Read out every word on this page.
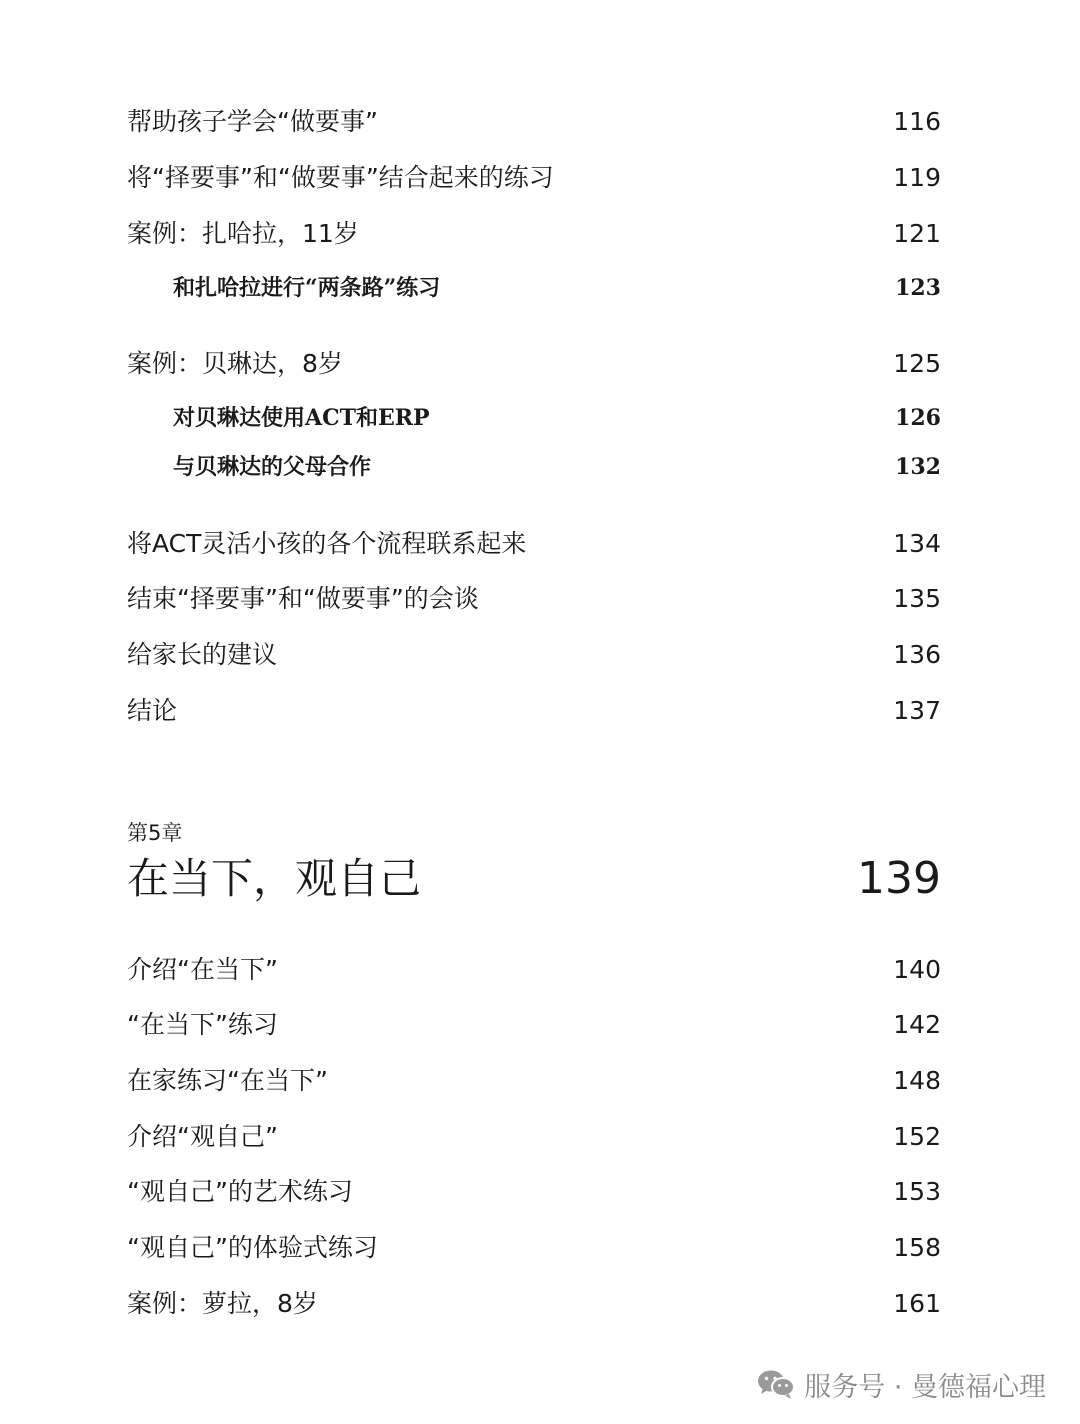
帮助孩子学会“做要事”	116
将“择要事”和“做要事”结合起来的练习	119
案例：扎哈拉，11岁	121
和扎哈拉进行“两条路”练习	123
案例：贝琳达，8岁	125
对贝琳达使用ACT和ERP	126
与贝琳达的父母合作	132
将ACT灵活小孩的各个流程联系起来	134
结束“择要事”和“做要事”的会谈	135
给家长的建议	136
结论	137
第5章
在当下，观自己	139
介绍“在当下”	140
“在当下”练习	142
在家练习“在当下”	148
介绍“观自己”	152
“观自己”的艺术练习	153
“观自己”的体验式练习	158
案例：萝拉，8岁	161
服务号 · 曼德福心理
